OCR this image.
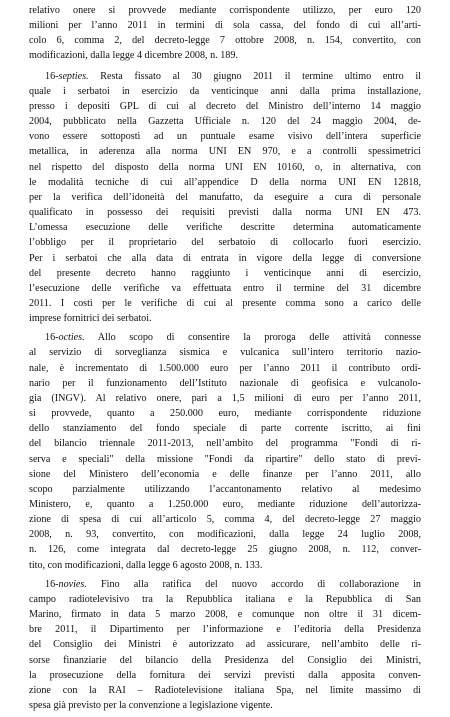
relativo onere si provvede mediante corrispondente utilizzo, per euro 120
milioni per l’anno 2011 in termini di sola cassa, del fondo di cui all’arti-
colo 6, comma 2, del decreto-legge 7 ottobre 2008, n. 154, convertito, con
modificazioni, dalla legge 4 dicembre 2008, n. 189.
16-septies. Resta fissato al 30 giugno 2011 il termine ultimo entro il
quale i serbatoi in esercizio da venticinque anni dalla prima installazione,
presso i depositi GPL di cui al decreto del Ministro dell’interno 14 maggio
2004, pubblicato nella Gazzetta Ufficiale n. 120 del 24 maggio 2004, de-
vono essere sottoposti ad un puntuale esame visivo dell’intera superficie
metallica, in aderenza alla norma UNI EN 970, e a controlli spessimetrici
nel rispetto del disposto della norma UNI EN 10160, o, in alternativa, con
le modalità tecniche di cui all’appendice D della norma UNI EN 12818,
per la verifica dell’idoneità del manufatto, da eseguire a cura di personale
qualificato in possesso dei requisiti previsti dalla norma UNI EN 473.
L’omessa esecuzione delle verifiche descritte determina automaticamente
l’obbligo per il proprietario del serbatoio di collocarlo fuori esercizio.
Per i serbatoi che alla data di entrata in vigore della legge di conversione
del presente decreto hanno raggiunto i venticinque anni di esercizio,
l’esecuzione delle verifiche va effettuata entro il termine del 31 dicembre
2011. I costi per le verifiche di cui al presente comma sono a carico delle
imprese fornitrici dei serbatoi.
16-octies. Allo scopo di consentire la proroga delle attività connesse
al servizio di sorveglianza sismica e vulcanica sull’intero territorio nazio-
nale, è incrementato di 1.500.000 euro per l’anno 2011 il contributo ordi-
nario per il funzionamento dell’Istituto nazionale di geofisica e vulcanolo-
gia (INGV). Al relativo onere, pari a 1,5 milioni di euro per l’anno 2011,
si provvede, quanto a 250.000 euro, mediante corrispondente riduzione
dello stanziamento del fondo speciale di parte corrente iscritto, ai fini
del bilancio triennale 2011-2013, nell’ambito del programma "Fondi di ri-
serva e speciali" della missione "Fondi da ripartire" dello stato di previ-
sione del Ministero dell’economia e delle finanze per l’anno 2011, allo
scopo parzialmente utilizzando l’accantonamento relativo al medesimo
Ministero, e, quanto a 1.250.000 euro, mediante riduzione dell’autorizza-
zione di spesa di cui all’articolo 5, comma 4, del decreto-legge 27 maggio
2008, n. 93, convertito, con modificazioni, dalla legge 24 luglio 2008,
n. 126, come integrata dal decreto-legge 25 giugno 2008, n. 112, conver-
tito, con modificazioni, dalla legge 6 agosto 2008, n. 133.
16-novies. Fino alla ratifica del nuovo accordo di collaborazione in
campo radiotelevisivo tra la Repubblica italiana e la Repubblica di San
Marino, firmato in data 5 marzo 2008, e comunque non oltre il 31 dicem-
bre 2011, il Dipartimento per l’informazione e l’editoria della Presidenza
del Consiglio dei Ministri è autorizzato ad assicurare, nell’ambito delle ri-
sorse finanziarie del bilancio della Presidenza del Consiglio dei Ministri,
la prosecuzione della fornitura dei servizi previsti dalla apposita conven-
zione con la RAI – Radiotelevisione italiana Spa, nel limite massimo di
spesa già previsto per la convenzione a legislazione vigente.
